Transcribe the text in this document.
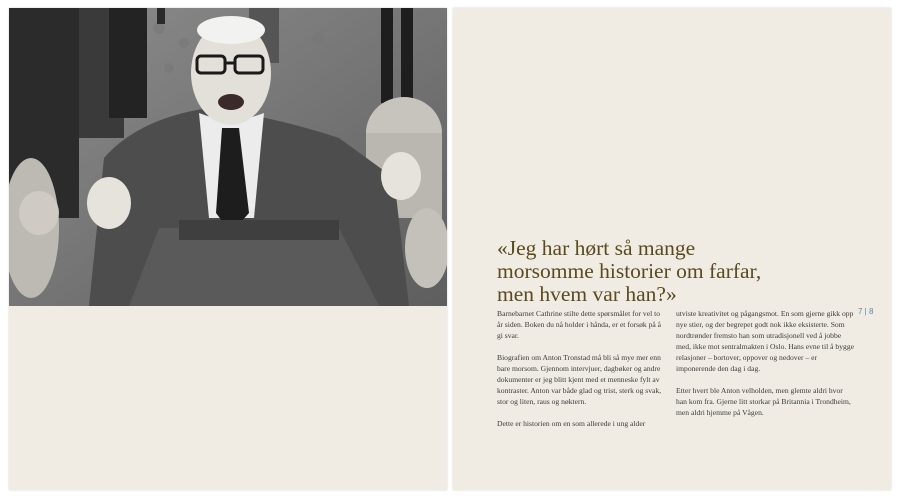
«Jeg har hørt så mange
morsomme historier om farfar,
men hvem var han?»
7 | 8

Barnebarnet Cathrine stilte dette spørsmålet for vel to år siden. Boken du nå holder i hånda, er et forsøk på å gi svar.

Biografien om Anton Tronstad må bli så mye mer enn bare morsom. Gjennom intervjuer, dagbøker og andre dokumenter er jeg blitt kjent med et menneske fylt av kontraster. Anton var både glad og trist, sterk og svak, stor og liten, raus og nøktern.

Dette er historien om en som allerede i ung alder

utviste kreativitet og pågangsmot. En som gjerne gikk opp nye stier, og der begrepet godt nok ikke eksisterte. Som nordtrønder fremsto han som utradisjonell ved å jobbe med, ikke mot sentralmakten i Oslo. Hans evne til å bygge relasjoner – bortover, oppover og nedover – er imponerende den dag i dag.

Etter hvert ble Anton velholden, men glemte aldri hvor han kom fra. Gjerne litt storkar på Britannia i Trondheim, men aldri hjemme på Vågen.
